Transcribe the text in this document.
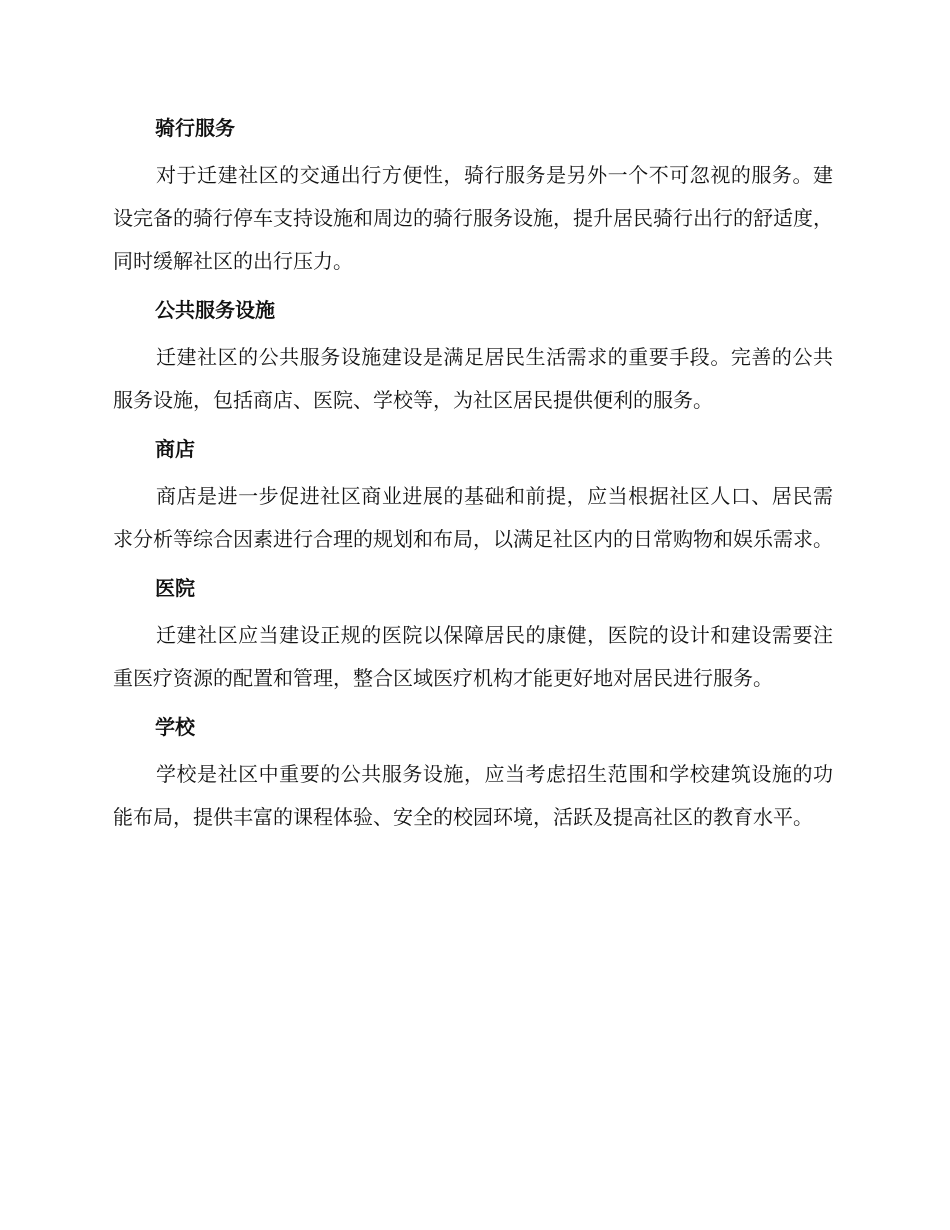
骑行服务

对于迁建社区的交通出行方便性，骑行服务是另外一个不可忽视的服务。建设完备的骑行停车支持设施和周边的骑行服务设施，提升居民骑行出行的舒适度，同时缓解社区的出行压力。

公共服务设施

迁建社区的公共服务设施建设是满足居民生活需求的重要手段。完善的公共服务设施，包括商店、医院、学校等，为社区居民提供便利的服务。

商店

商店是进一步促进社区商业进展的基础和前提，应当根据社区人口、居民需求分析等综合因素进行合理的规划和布局，以满足社区内的日常购物和娱乐需求。

医院

迁建社区应当建设正规的医院以保障居民的康健，医院的设计和建设需要注重医疗资源的配置和管理，整合区域医疗机构才能更好地对居民进行服务。

学校

学校是社区中重要的公共服务设施，应当考虑招生范围和学校建筑设施的功能布局，提供丰富的课程体验、安全的校园环境，活跃及提高社区的教育水平。
